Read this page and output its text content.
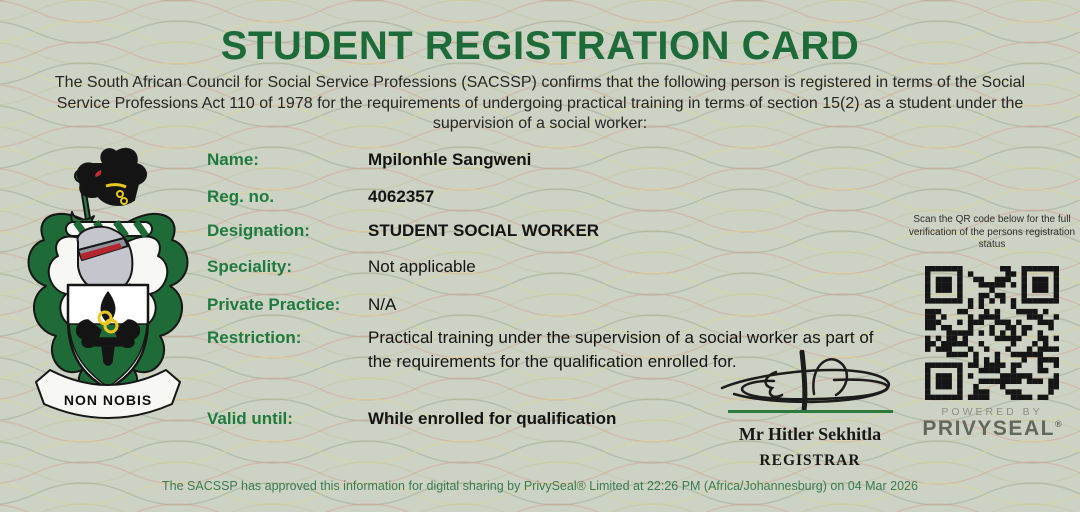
STUDENT REGISTRATION CARD
The South African Council for Social Service Professions (SACSSP) confirms that the following person is registered in terms of the Social Service Professions Act 110 of 1978 for the requirements of undergoing practical training in terms of section 15(2) as a student under the supervision of a social worker:
NON NOBIS
Name:	Mpilonhle Sangweni
Reg. no.	4062357
Designation:	STUDENT SOCIAL WORKER
Speciality:	Not applicable
Private Practice:	N/A
Restriction:	Practical training under the supervision of a social worker as part of the requirements for the qualification enrolled for.
Valid until:	While enrolled for qualification
Mr Hitler Sekhitla
REGISTRAR
Scan the QR code below for the full verification of the persons registration status
POWERED BY
PRIVYSEAL®
The SACSSP has approved this information for digital sharing by PrivySeal® Limited at 22:26 PM (Africa/Johannesburg) on 04 Mar 2026
